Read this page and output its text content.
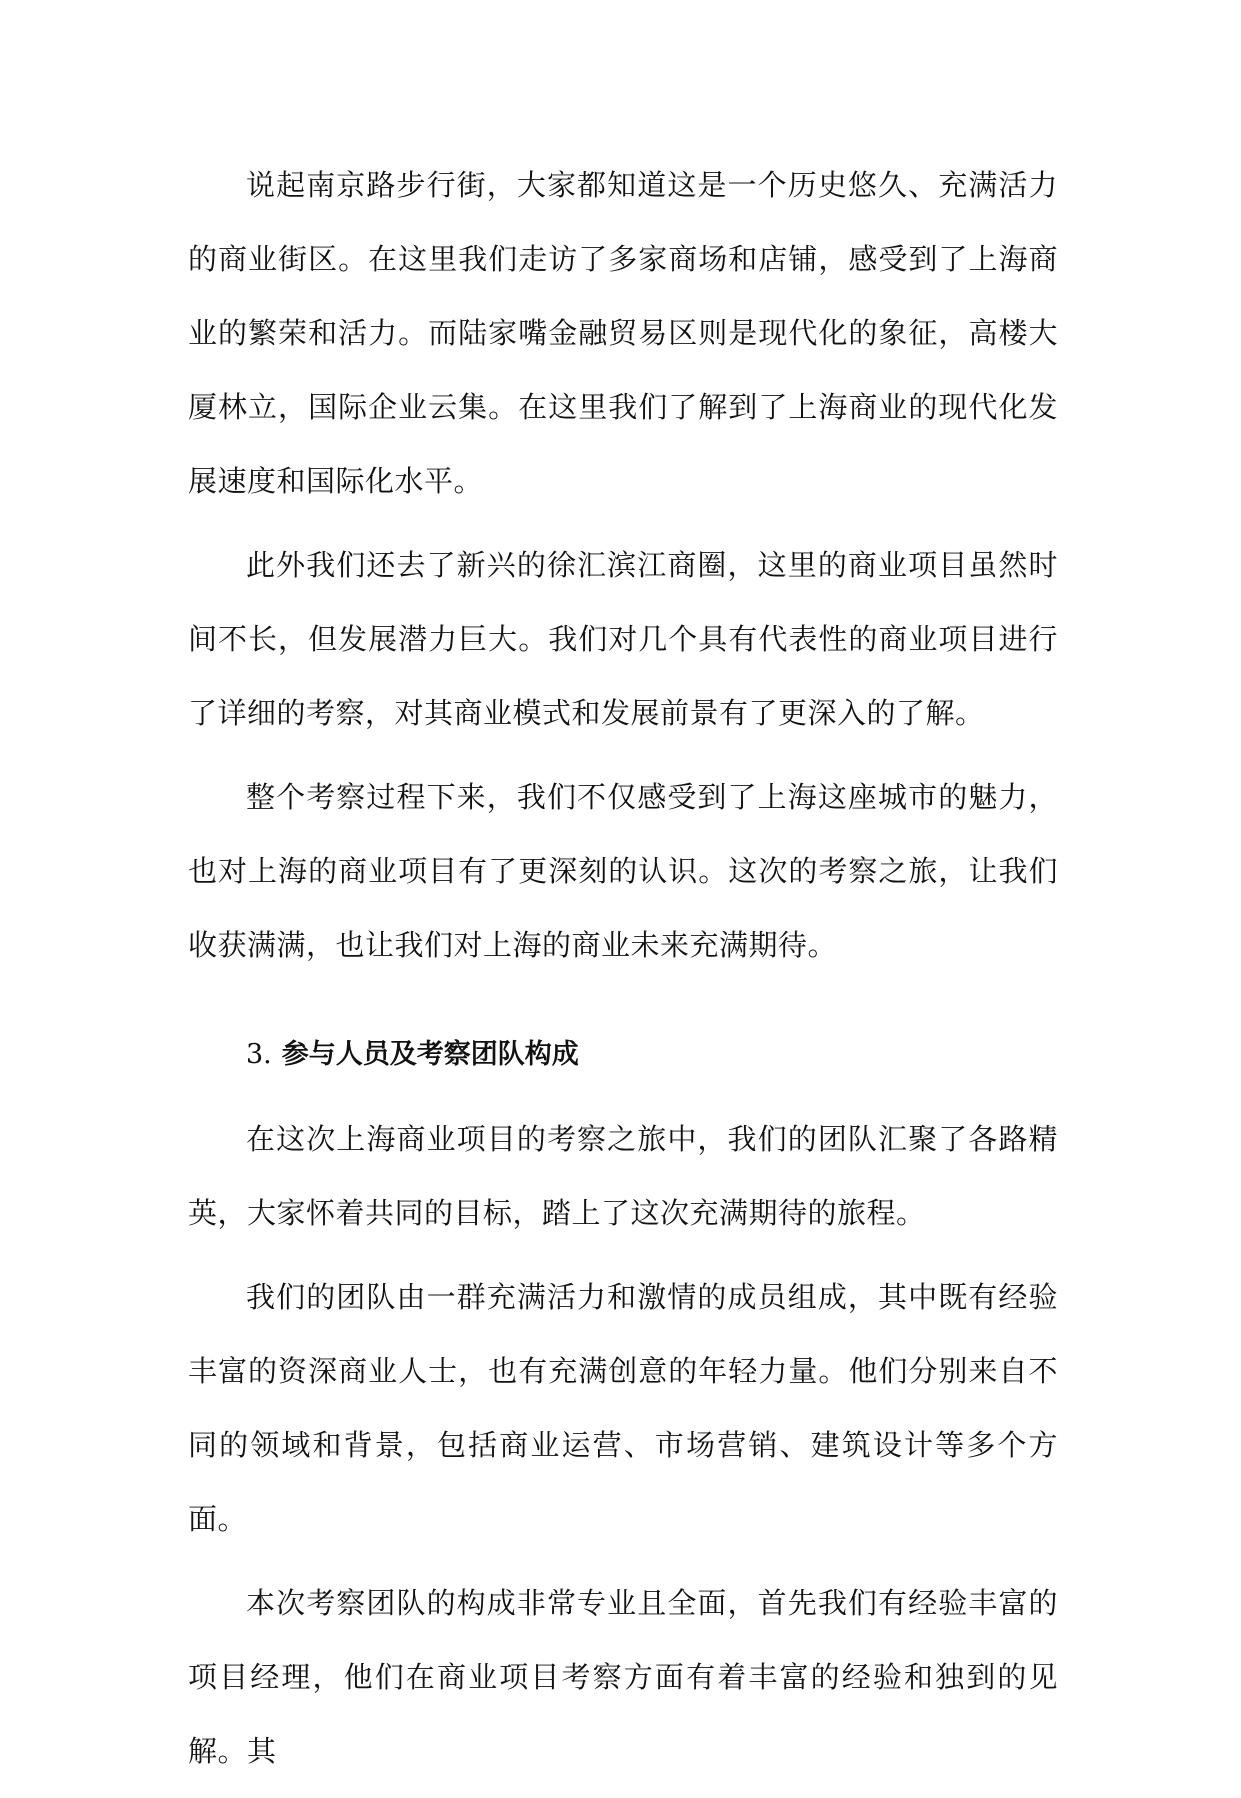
说起南京路步行街，大家都知道这是一个历史悠久、充满活力的商业街区。在这里我们走访了多家商场和店铺，感受到了上海商业的繁荣和活力。而陆家嘴金融贸易区则是现代化的象征，高楼大厦林立，国际企业云集。在这里我们了解到了上海商业的现代化发展速度和国际化水平。

此外我们还去了新兴的徐汇滨江商圈，这里的商业项目虽然时间不长，但发展潜力巨大。我们对几个具有代表性的商业项目进行了详细的考察，对其商业模式和发展前景有了更深入的了解。

整个考察过程下来，我们不仅感受到了上海这座城市的魅力，也对上海的商业项目有了更深刻的认识。这次的考察之旅，让我们收获满满，也让我们对上海的商业未来充满期待。

3. 参与人员及考察团队构成

在这次上海商业项目的考察之旅中，我们的团队汇聚了各路精英，大家怀着共同的目标，踏上了这次充满期待的旅程。

我们的团队由一群充满活力和激情的成员组成，其中既有经验丰富的资深商业人士，也有充满创意的年轻力量。他们分别来自不同的领域和背景，包括商业运营、市场营销、建筑设计等多个方面。

本次考察团队的构成非常专业且全面，首先我们有经验丰富的项目经理，他们在商业项目考察方面有着丰富的经验和独到的见解。其
